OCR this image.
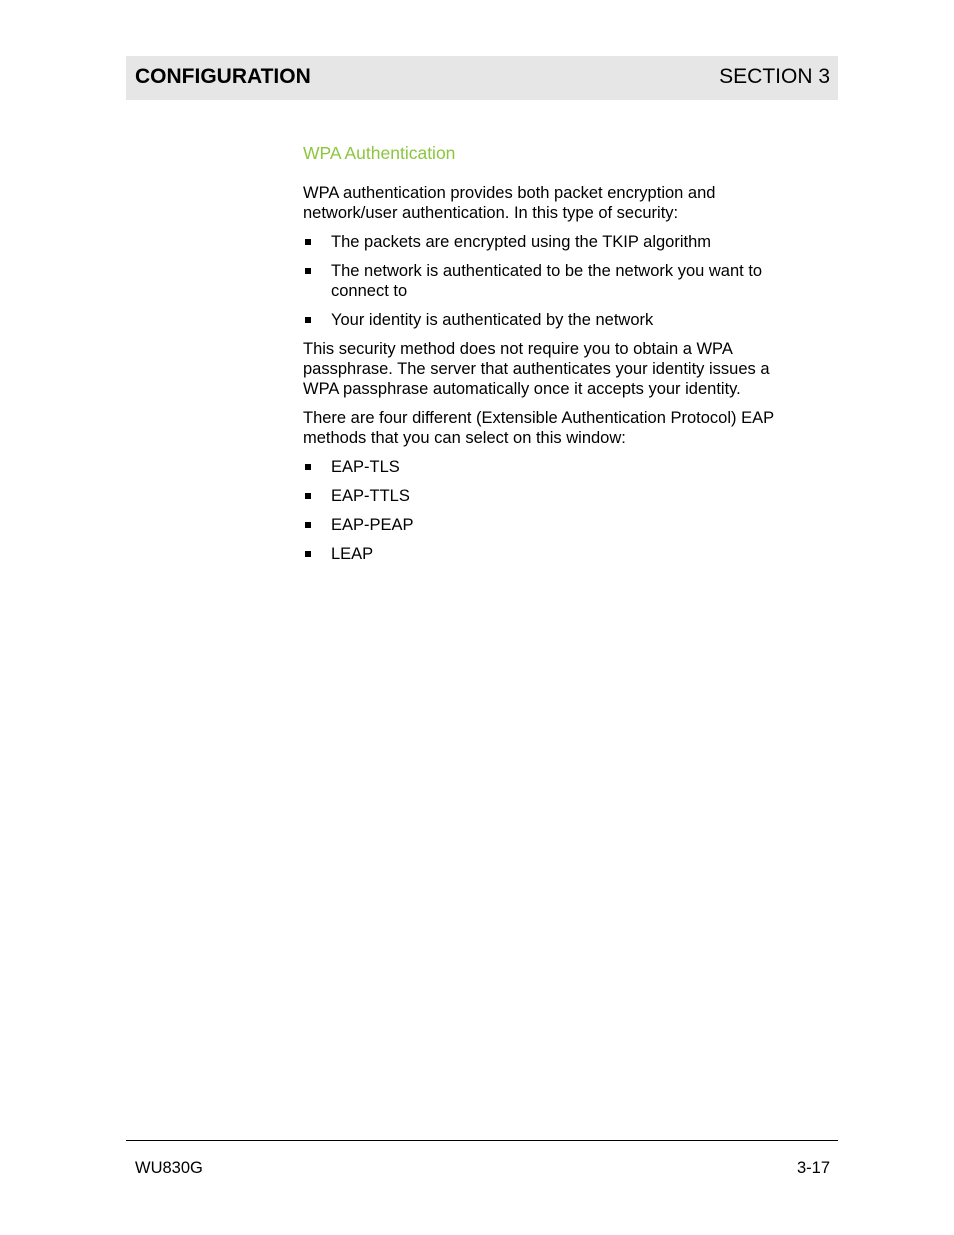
CONFIGURATION	SECTION 3
WPA Authentication

WPA authentication provides both packet encryption and network/user authentication. In this type of security:

The packets are encrypted using the TKIP algorithm
The network is authenticated to be the network you want to connect to
Your identity is authenticated by the network

This security method does not require you to obtain a WPA passphrase. The server that authenticates your identity issues a WPA passphrase automatically once it accepts your identity.

There are four different (Extensible Authentication Protocol) EAP methods that you can select on this window:

EAP-TLS
EAP-TTLS
EAP-PEAP
LEAP
WU830G	3-17
